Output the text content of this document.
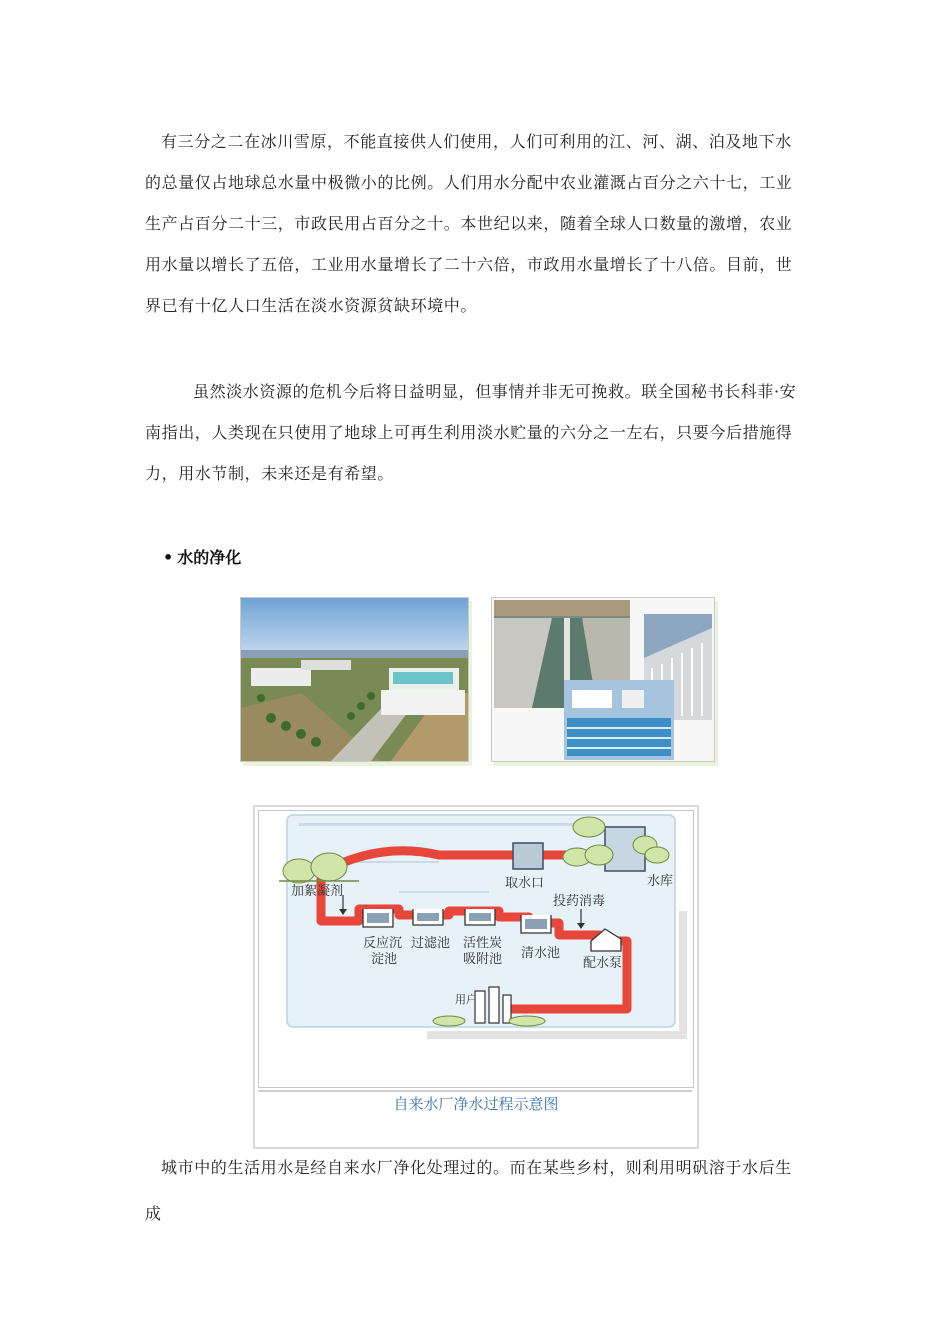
有三分之二在冰川雪原，不能直接供人们使用，人们可利用的江、河、湖、泊及地下水的总量仅占地球总水量中极微小的比例。人们用水分配中农业灌溉占百分之六十七，工业生产占百分二十三，市政民用占百分之十。本世纪以来，随着全球人口数量的激增，农业用水量以增长了五倍，工业用水量增长了二十六倍，市政用水量增长了十八倍。目前，世界已有十亿人口生活在淡水资源贫缺环境中。
虽然淡水资源的危机今后将日益明显，但事情并非无可挽救。联全国秘书长科菲·安南指出，人类现在只使用了地球上可再生利用淡水贮量的六分之一左右，只要今后措施得力，用水节制，未来还是有希望。
• 水的净化
加絮凝剂
取水口	水库
投药消毒
反应沉
淀池
过滤池 活性炭
吸附池 清水池
配水泵
用户
自来水厂净水过程示意图
城市中的生活用水是经自来水厂净化处理过的。而在某些乡村，则利用明矾溶于水后生成
